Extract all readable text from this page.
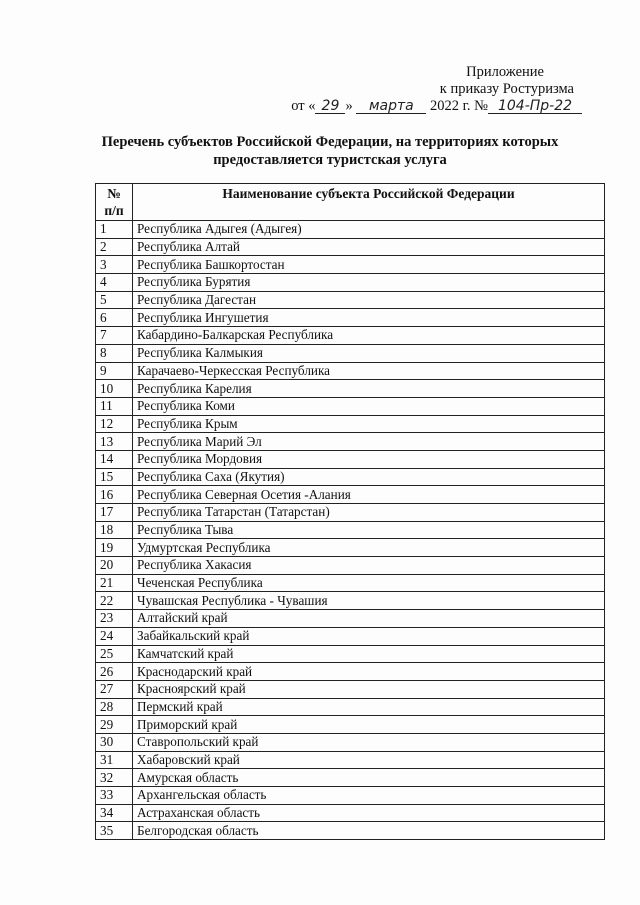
Приложение
к приказу Ростуризма
от « 29 » марта 2022 г. № 104-Пр-22
Перечень субъектов Российской Федерации, на территориях которых
предоставляется туристская услуга
№
п/п	Наименование субъекта Российской Федерации
1	Республика Адыгея (Адыгея)
2	Республика Алтай
3	Республика Башкортостан
4	Республика Бурятия
5	Республика Дагестан
6	Республика Ингушетия
7	Кабардино-Балкарская Республика
8	Республика Калмыкия
9	Карачаево-Черкесская Республика
10	Республика Карелия
11	Республика Коми
12	Республика Крым
13	Республика Марий Эл
14	Республика Мордовия
15	Республика Саха (Якутия)
16	Республика Северная Осетия -Алания
17	Республика Татарстан (Татарстан)
18	Республика Тыва
19	Удмуртская Республика
20	Республика Хакасия
21	Чеченская Республика
22	Чувашская Республика - Чувашия
23	Алтайский край
24	Забайкальский край
25	Камчатский край
26	Краснодарский край
27	Красноярский край
28	Пермский край
29	Приморский край
30	Ставропольский край
31	Хабаровский край
32	Амурская область
33	Архангельская область
34	Астраханская область
35	Белгородская область
